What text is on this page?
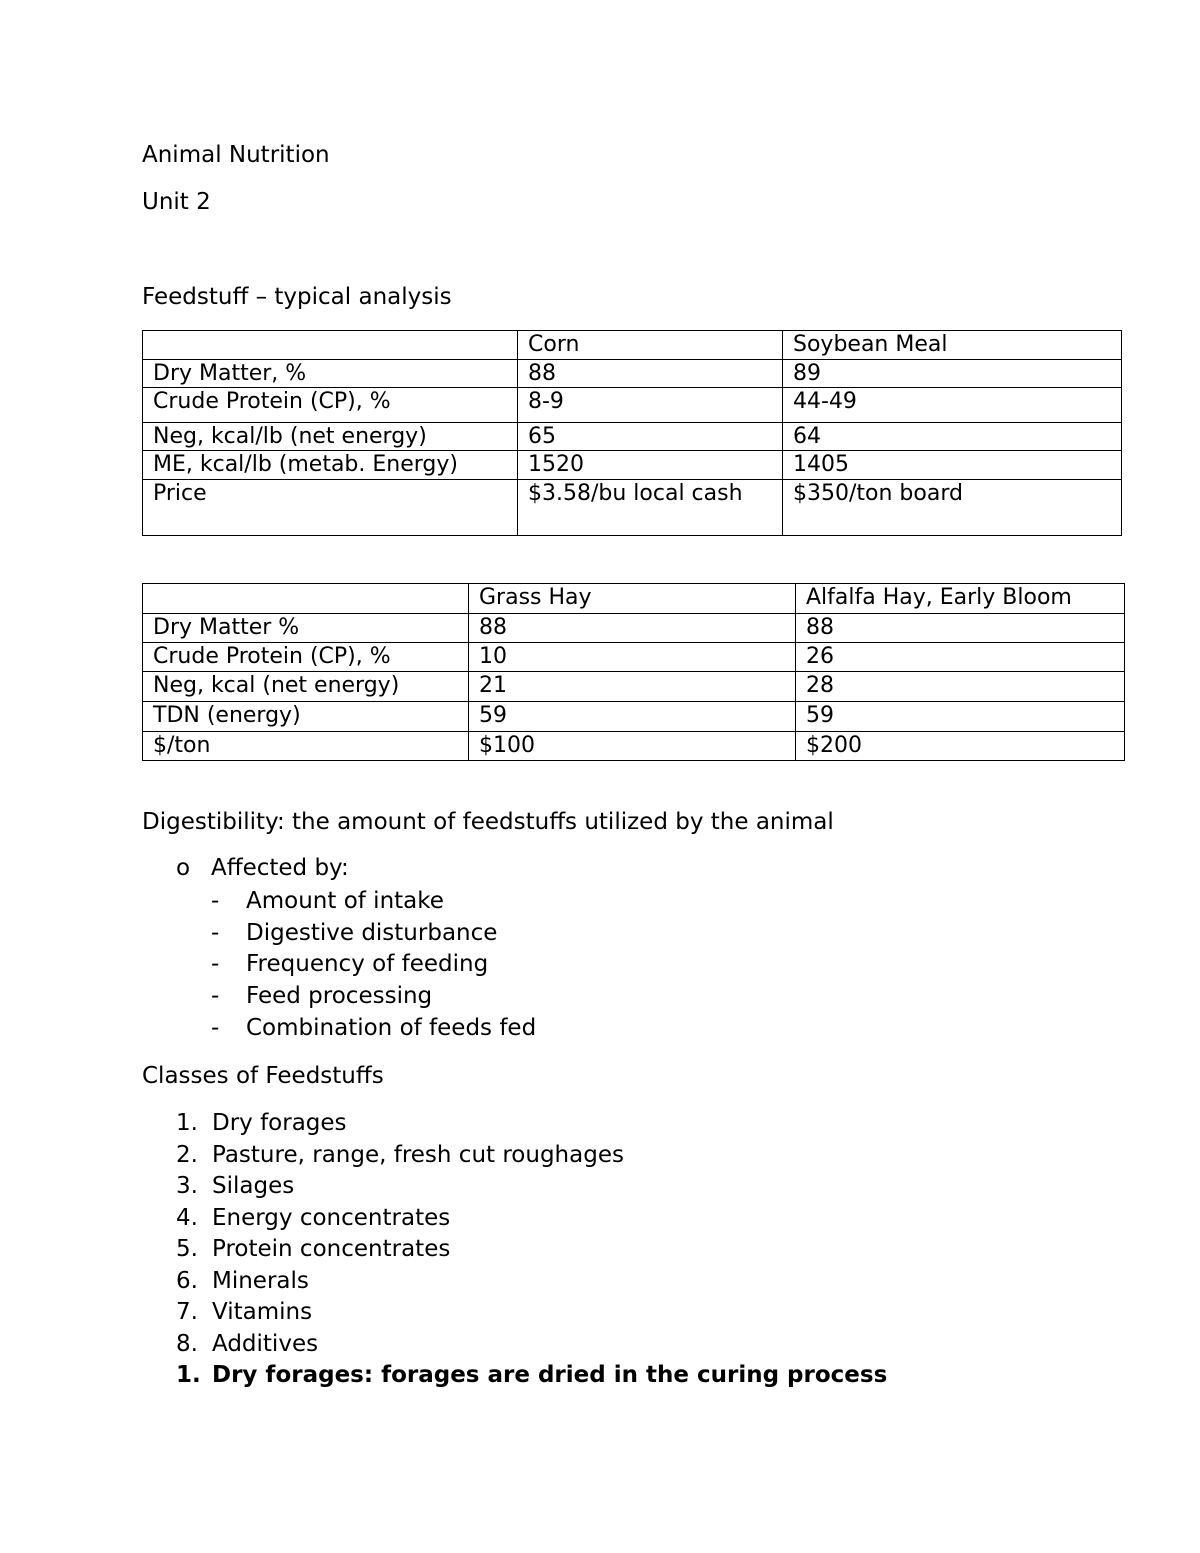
Animal Nutrition
Unit 2
Feedstuff – typical analysis
	Corn	Soybean Meal
Dry Matter, %	88	89
Crude Protein (CP), %	8-9	44-49
Neg, kcal/lb (net energy)	65	64
ME, kcal/lb (metab. Energy)	1520	1405
Price	$3.58/bu local cash	$350/ton board
	Grass Hay	Alfalfa Hay, Early Bloom
Dry Matter %	88	88
Crude Protein (CP), %	10	26
Neg, kcal (net energy)	21	28
TDN (energy)	59	59
$/ton	$100	$200
Digestibility: the amount of feedstuffs utilized by the animal
o Affected by:
- Amount of intake
- Digestive disturbance
- Frequency of feeding
- Feed processing
- Combination of feeds fed
Classes of Feedstuffs
1. Dry forages
2. Pasture, range, fresh cut roughages
3. Silages
4. Energy concentrates
5. Protein concentrates
6. Minerals
7. Vitamins
8. Additives
1. Dry forages: forages are dried in the curing process
